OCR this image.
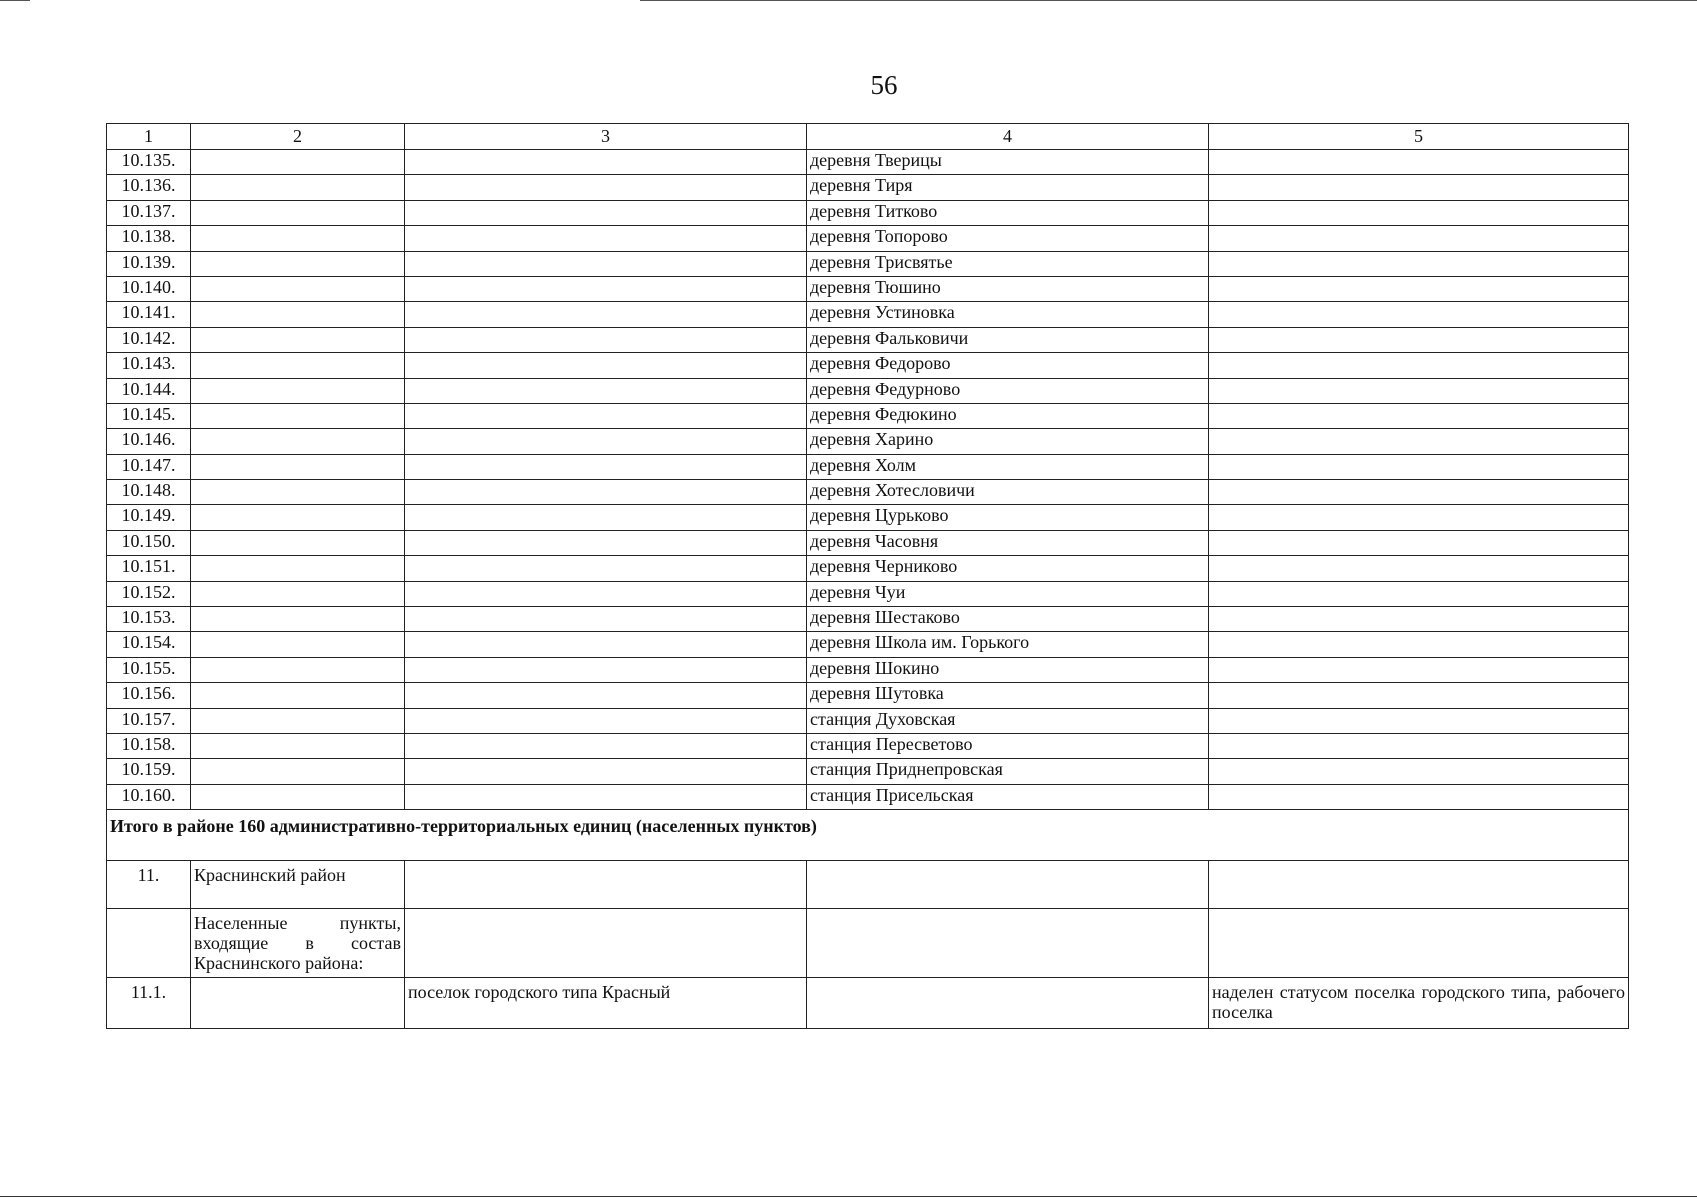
56
1	2	3	4	5
10.135.			деревня Тверицы	
10.136.			деревня Тиря	
10.137.			деревня Титково	
10.138.			деревня Топорово	
10.139.			деревня Трисвятье	
10.140.			деревня Тюшино	
10.141.			деревня Устиновка	
10.142.			деревня Фальковичи	
10.143.			деревня Федорово	
10.144.			деревня Федурново	
10.145.			деревня Федюкино	
10.146.			деревня Харино	
10.147.			деревня Холм	
10.148.			деревня Хотесловичи	
10.149.			деревня Цурьково	
10.150.			деревня Часовня	
10.151.			деревня Черниково	
10.152.			деревня Чуи	
10.153.			деревня Шестаково	
10.154.			деревня Школа им. Горького	
10.155.			деревня Шокино	
10.156.			деревня Шутовка	
10.157.			станция Духовская	
10.158.			станция Пересветово	
10.159.			станция Приднепровская	
10.160.			станция Присельская	
Итого в районе 160 административно-территориальных единиц (населенных пунктов)				
11.	Краснинский район			

	Населенные пункты,
входящие в состав
Краснинского района:			

11.1.		поселок городского типа Красный		наделен статусом поселка городского типа, рабочего поселка
